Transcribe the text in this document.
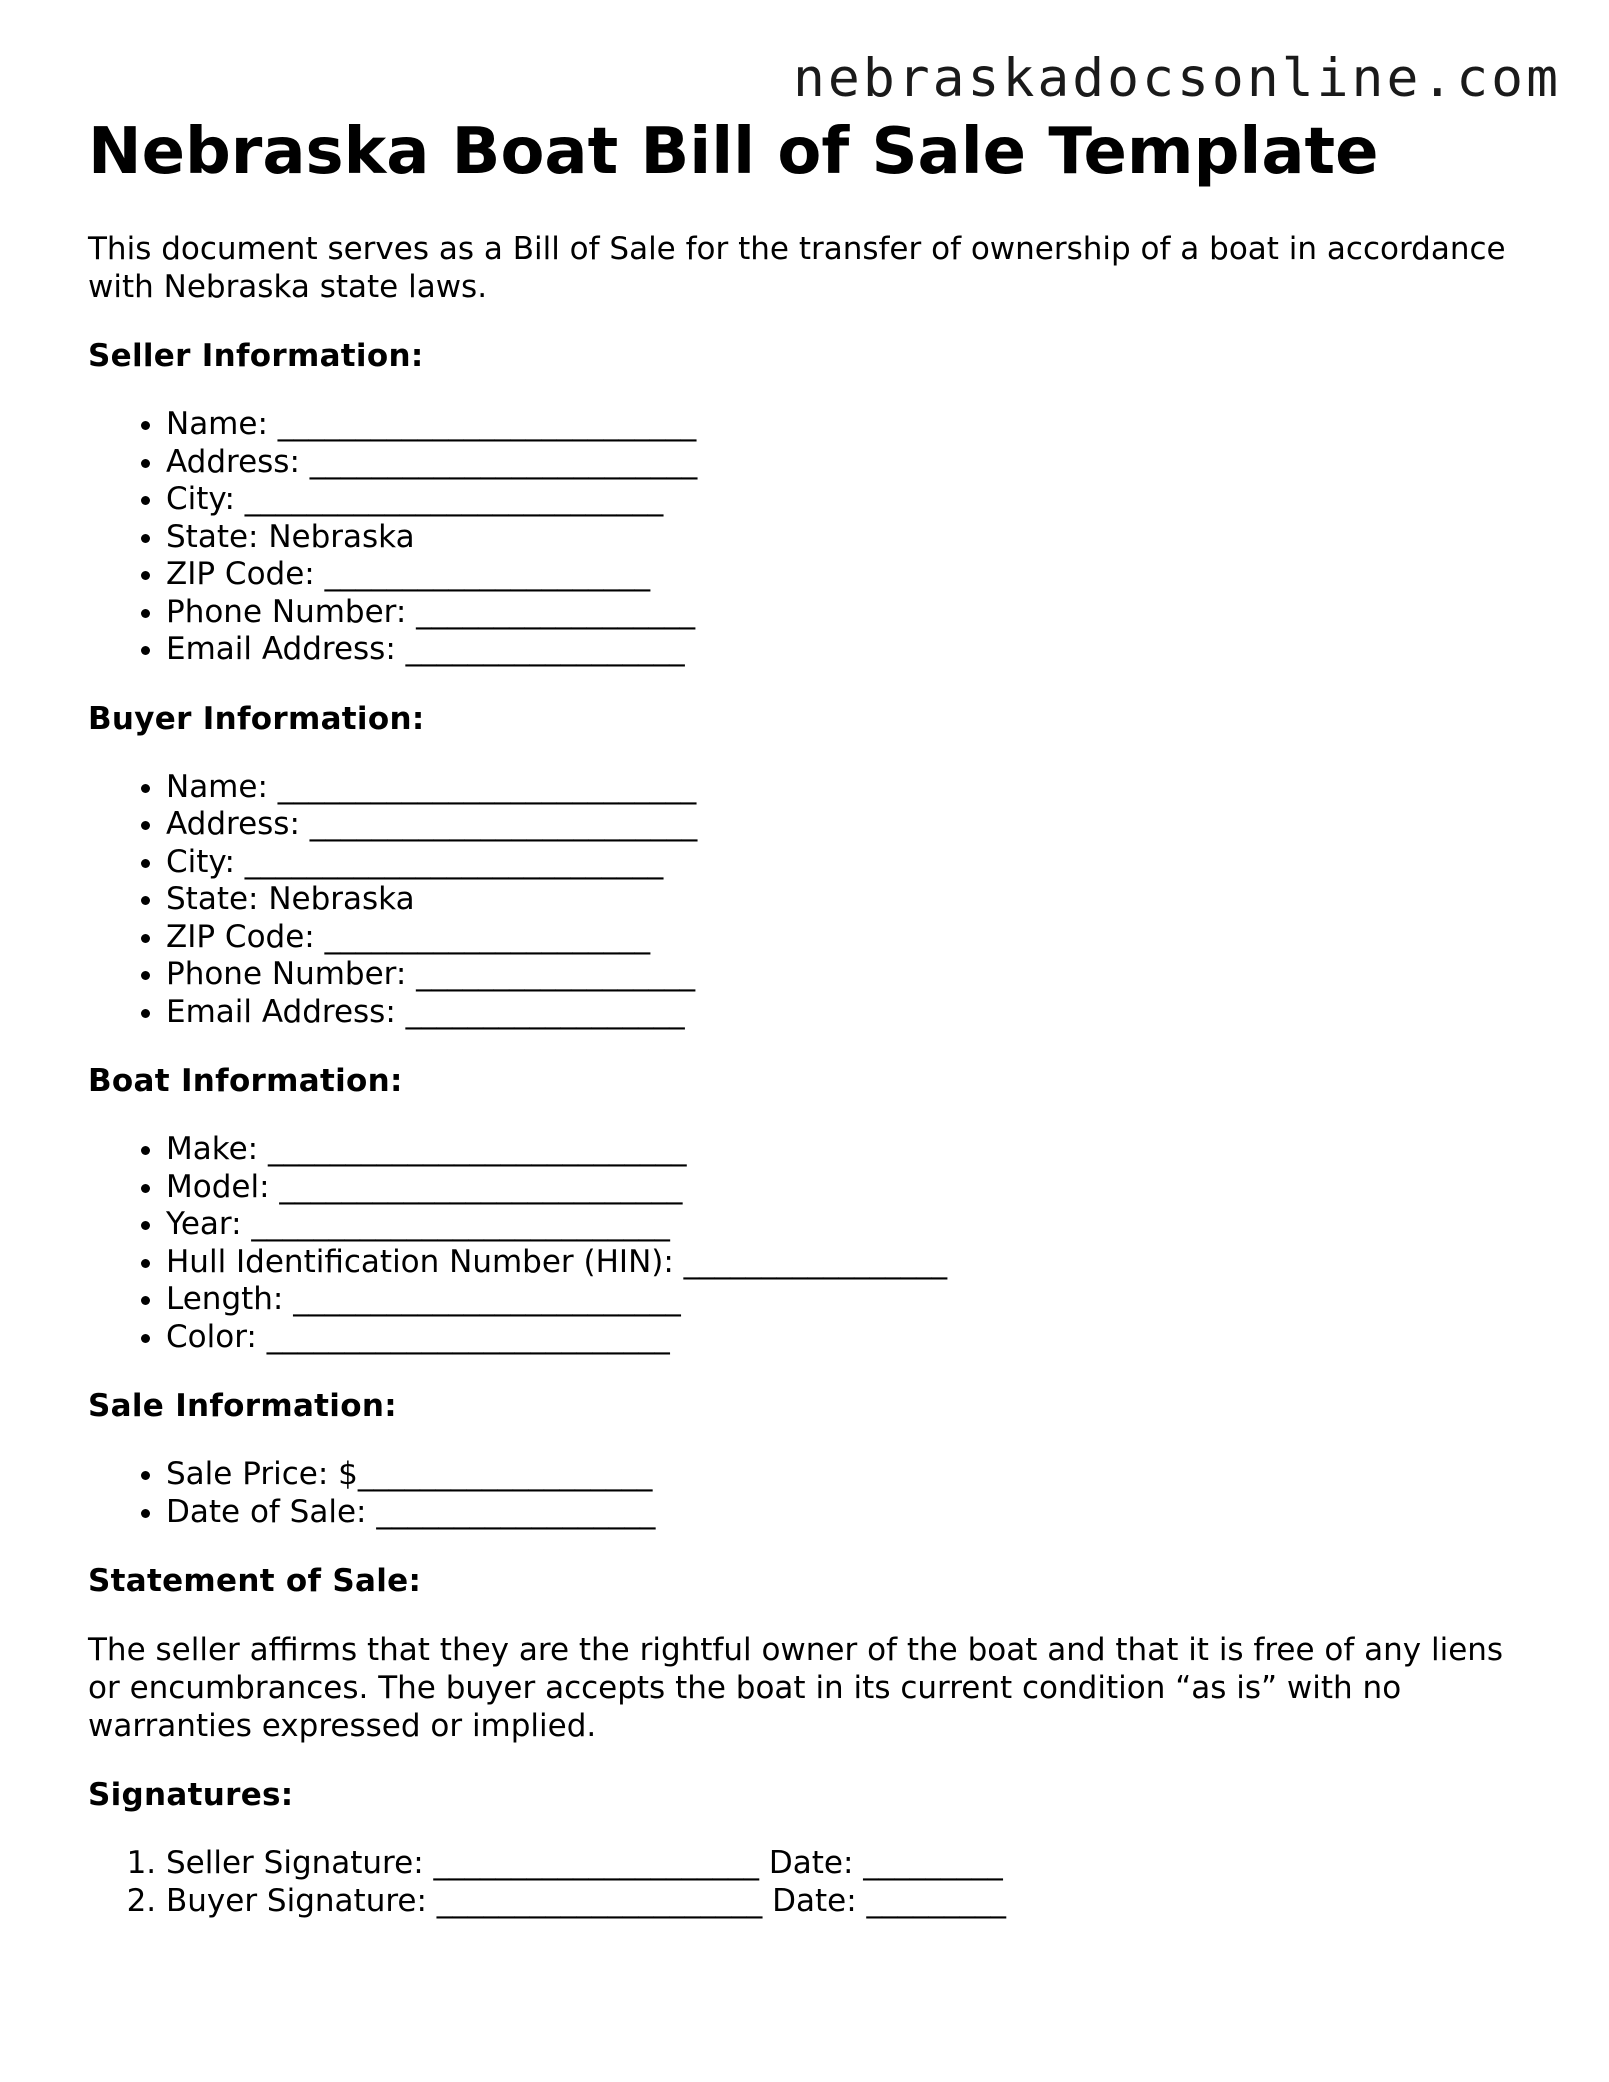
nebraskadocsonline.com
Nebraska Boat Bill of Sale Template

This document serves as a Bill of Sale for the transfer of ownership of a boat in accordance with Nebraska state laws.

Seller Information:
• Name: ___________________________
• Address: _________________________
• City: ___________________________
• State: Nebraska
• ZIP Code: _____________________
• Phone Number: __________________
• Email Address: __________________
Buyer Information:
• Name: ___________________________
• Address: _________________________
• City: ___________________________
• State: Nebraska
• ZIP Code: _____________________
• Phone Number: __________________
• Email Address: __________________
Boat Information:
• Make: ___________________________
• Model: __________________________
• Year: ___________________________
• Hull Identification Number (HIN): _________________
• Length: _________________________
• Color: __________________________
Sale Information:
• Sale Price: $___________________
• Date of Sale: __________________
Statement of Sale:

The seller affirms that they are the rightful owner of the boat and that it is free of any liens or encumbrances. The buyer accepts the boat in its current condition “as is” with no warranties expressed or implied.

Signatures:
1. Seller Signature: _____________________ Date: _________
2. Buyer Signature: _____________________ Date: _________
